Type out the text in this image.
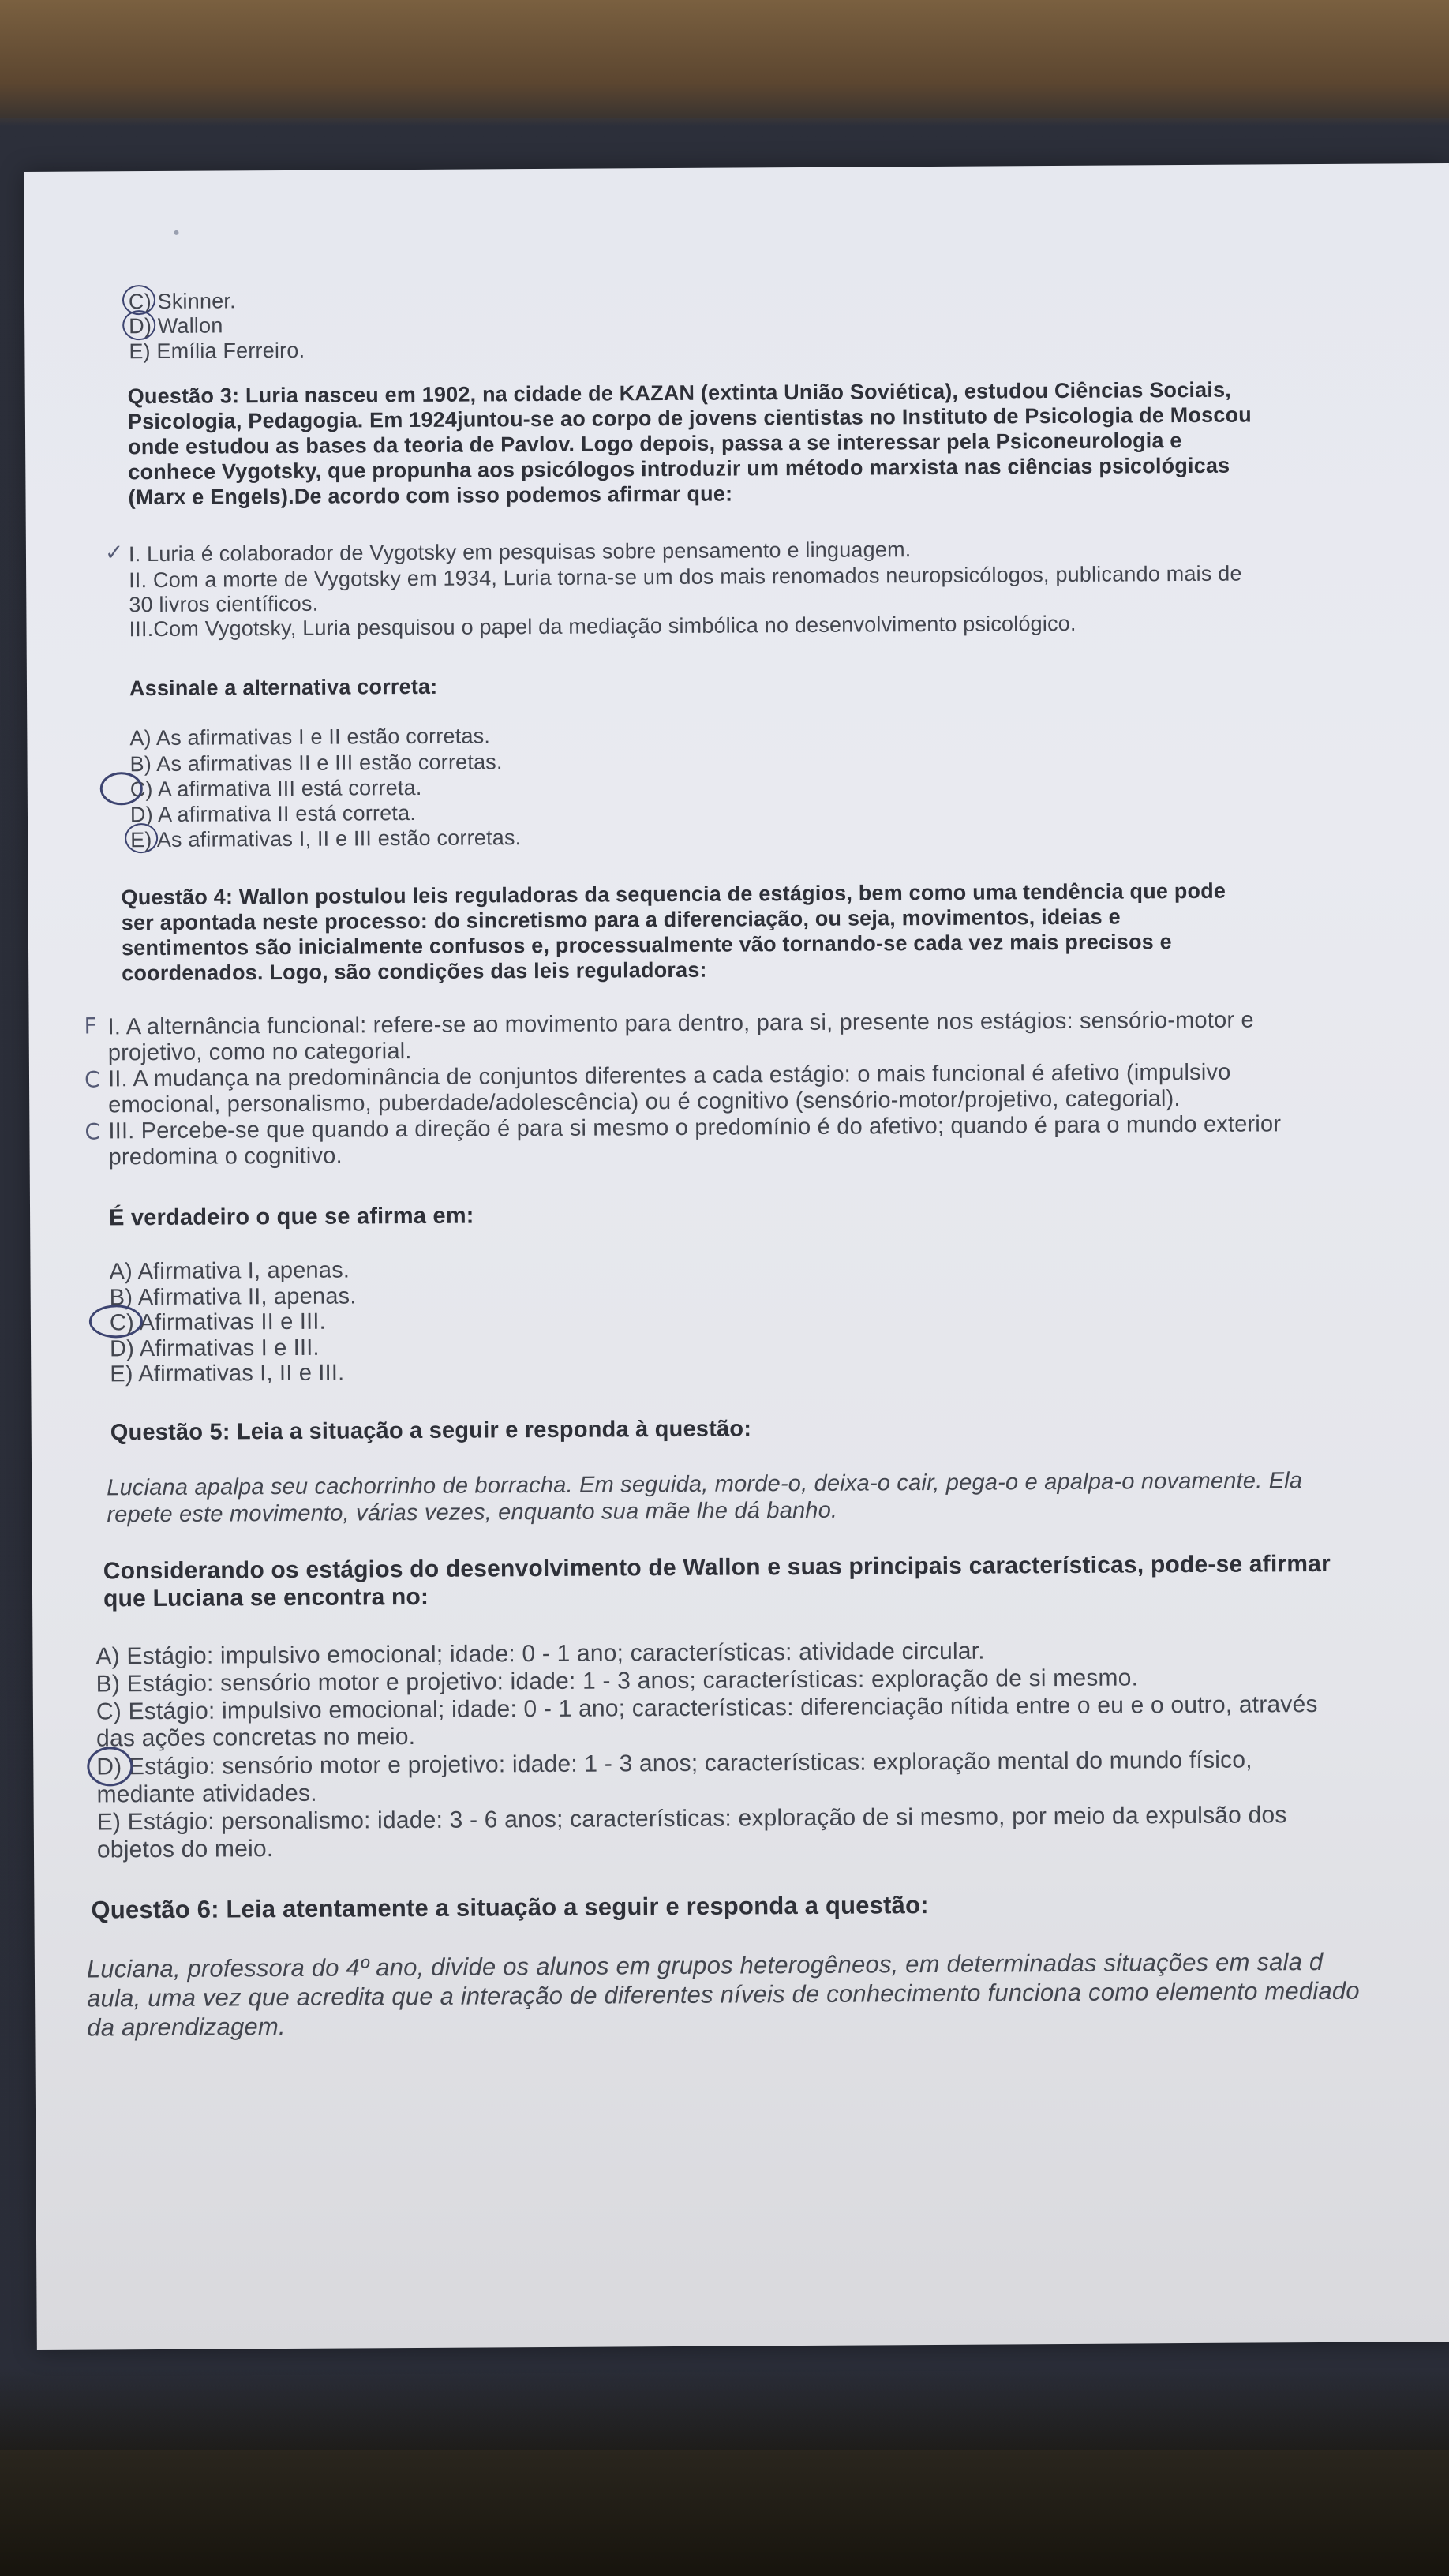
C) Skinner.
D) Wallon
E) Emília Ferreiro.
Questão 3: Luria nasceu em 1902, na cidade de KAZAN (extinta União Soviética), estudou Ciências Sociais,
Psicologia, Pedagogia. Em 1924juntou-se ao corpo de jovens cientistas no Instituto de Psicologia de Moscou
onde estudou as bases da teoria de Pavlov. Logo depois, passa a se interessar pela Psiconeurologia e
conhece Vygotsky, que propunha aos psicólogos introduzir um método marxista nas ciências psicológicas
(Marx e Engels).De acordo com isso podemos afirmar que:
✓ I. Luria é colaborador de Vygotsky em pesquisas sobre pensamento e linguagem.
II. Com a morte de Vygotsky em 1934, Luria torna-se um dos mais renomados neuropsicólogos, publicando mais de
30 livros científicos.
III.Com Vygotsky, Luria pesquisou o papel da mediação simbólica no desenvolvimento psicológico.
Assinale a alternativa correta:
A) As afirmativas I e II estão corretas.
B) As afirmativas II e III estão corretas.
C) A afirmativa III está correta.
D) A afirmativa II está correta.
E) As afirmativas I, II e III estão corretas.
Questão 4: Wallon postulou leis reguladoras da sequencia de estágios, bem como uma tendência que pode
ser apontada neste processo: do sincretismo para a diferenciação, ou seja, movimentos, ideias e
sentimentos são inicialmente confusos e, processualmente vão tornando-se cada vez mais precisos e
coordenados. Logo, são condições das leis reguladoras:
F I. A alternância funcional: refere-se ao movimento para dentro, para si, presente nos estágios: sensório-motor e
projetivo, como no categorial.
C II. A mudança na predominância de conjuntos diferentes a cada estágio: o mais funcional é afetivo (impulsivo
emocional, personalismo, puberdade/adolescência) ou é cognitivo (sensório-motor/projetivo, categorial).
C III. Percebe-se que quando a direção é para si mesmo o predomínio é do afetivo; quando é para o mundo exterior
predomina o cognitivo.
É verdadeiro o que se afirma em:
A) Afirmativa I, apenas.
B) Afirmativa II, apenas.
C) Afirmativas II e III.
D) Afirmativas I e III.
E) Afirmativas I, II e III.
Questão 5: Leia a situação a seguir e responda à questão:
Luciana apalpa seu cachorrinho de borracha. Em seguida, morde-o, deixa-o cair, pega-o e apalpa-o novamente. Ela
repete este movimento, várias vezes, enquanto sua mãe lhe dá banho.
Considerando os estágios do desenvolvimento de Wallon e suas principais características, pode-se afirmar
que Luciana se encontra no:
A) Estágio: impulsivo emocional; idade: 0 - 1 ano; características: atividade circular.
B) Estágio: sensório motor e projetivo: idade: 1 - 3 anos; características: exploração de si mesmo.
C) Estágio: impulsivo emocional; idade: 0 - 1 ano; características: diferenciação nítida entre o eu e o outro, através
das ações concretas no meio.
D) Estágio: sensório motor e projetivo: idade: 1 - 3 anos; características: exploração mental do mundo físico,
mediante atividades.
E) Estágio: personalismo: idade: 3 - 6 anos; características: exploração de si mesmo, por meio da expulsão dos
objetos do meio.
Questão 6: Leia atentamente a situação a seguir e responda a questão:
Luciana, professora do 4º ano, divide os alunos em grupos heterogêneos, em determinadas situações em sala d
aula, uma vez que acredita que a interação de diferentes níveis de conhecimento funciona como elemento mediado
da aprendizagem.
